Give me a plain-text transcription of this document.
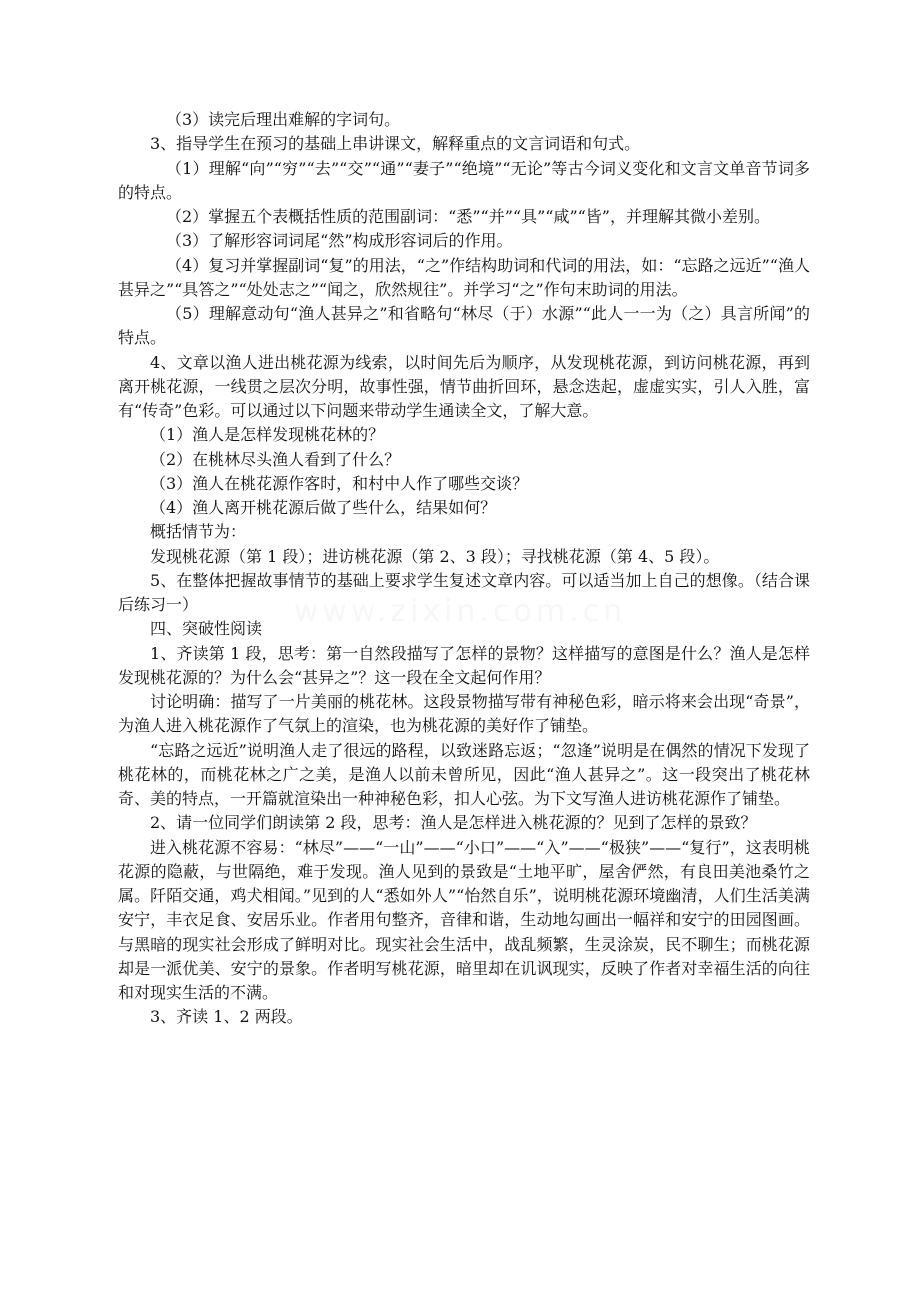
（3）读完后理出难解的字词句。

3、指导学生在预习的基础上串讲课文，解释重点的文言词语和句式。

（1）理解“向”“穷”“去”“交”“通”“妻子”“绝境”“无论”等古今词义变化和文言文单音节词多的特点。

（2）掌握五个表概括性质的范围副词：“悉”“并”“具”“咸”“皆”，并理解其微小差别。

（3）了解形容词词尾“然”构成形容词后的作用。

（4）复习并掌握副词“复”的用法，“之”作结构助词和代词的用法，如：“忘路之远近”“渔人甚异之”“具答之”“处处志之”“闻之，欣然规往”。并学习“之”作句末助词的用法。

（5）理解意动句“渔人甚异之”和省略句“林尽（于）水源”“此人一一为（之）具言所闻”的特点。

4、文章以渔人进出桃花源为线索，以时间先后为顺序，从发现桃花源，到访问桃花源，再到离开桃花源，一线贯之层次分明，故事性强，情节曲折回环，悬念迭起，虚虚实实，引人入胜，富有“传奇”色彩。可以通过以下问题来带动学生通读全文，了解大意。

（1）渔人是怎样发现桃花林的？

（2）在桃林尽头渔人看到了什么？

（3）渔人在桃花源作客时，和村中人作了哪些交谈？

（4）渔人离开桃花源后做了些什么，结果如何？

概括情节为：

发现桃花源（第 1 段）；进访桃花源（第 2、3 段）；寻找桃花源（第 4、5 段）。

5、在整体把握故事情节的基础上要求学生复述文章内容。可以适当加上自己的想像。（结合课后练习一）

四、突破性阅读

1、齐读第 1 段，思考：第一自然段描写了怎样的景物？这样描写的意图是什么？渔人是怎样发现桃花源的？为什么会“甚异之”？这一段在全文起何作用？

讨论明确：描写了一片美丽的桃花林。这段景物描写带有神秘色彩，暗示将来会出现“奇景”，为渔人进入桃花源作了气氛上的渲染，也为桃花源的美好作了铺垫。

“忘路之远近”说明渔人走了很远的路程，以致迷路忘返；“忽逢”说明是在偶然的情况下发现了桃花林的，而桃花林之广之美，是渔人以前未曾所见，因此“渔人甚异之”。这一段突出了桃花林奇、美的特点，一开篇就渲染出一种神秘色彩，扣人心弦。为下文写渔人进访桃花源作了铺垫。

2、请一位同学们朗读第 2 段，思考：渔人是怎样进入桃花源的？见到了怎样的景致？

进入桃花源不容易：“林尽”——“一山”——“小口”——“入”——“极狭”——“复行”，这表明桃花源的隐蔽，与世隔绝，难于发现。渔人见到的景致是“土地平旷，屋舍俨然，有良田美池桑竹之属。阡陌交通，鸡犬相闻。”见到的人“悉如外人”“怡然自乐”，说明桃花源环境幽清，人们生活美满安宁，丰衣足食、安居乐业。作者用句整齐，音律和谐，生动地勾画出一幅祥和安宁的田园图画。与黑暗的现实社会形成了鲜明对比。现实社会生活中，战乱频繁，生灵涂炭，民不聊生；而桃花源却是一派优美、安宁的景象。作者明写桃花源，暗里却在讥讽现实，反映了作者对幸福生活的向往和对现实生活的不满。

3、齐读 1、2 两段。

www.zixin.com.cn
